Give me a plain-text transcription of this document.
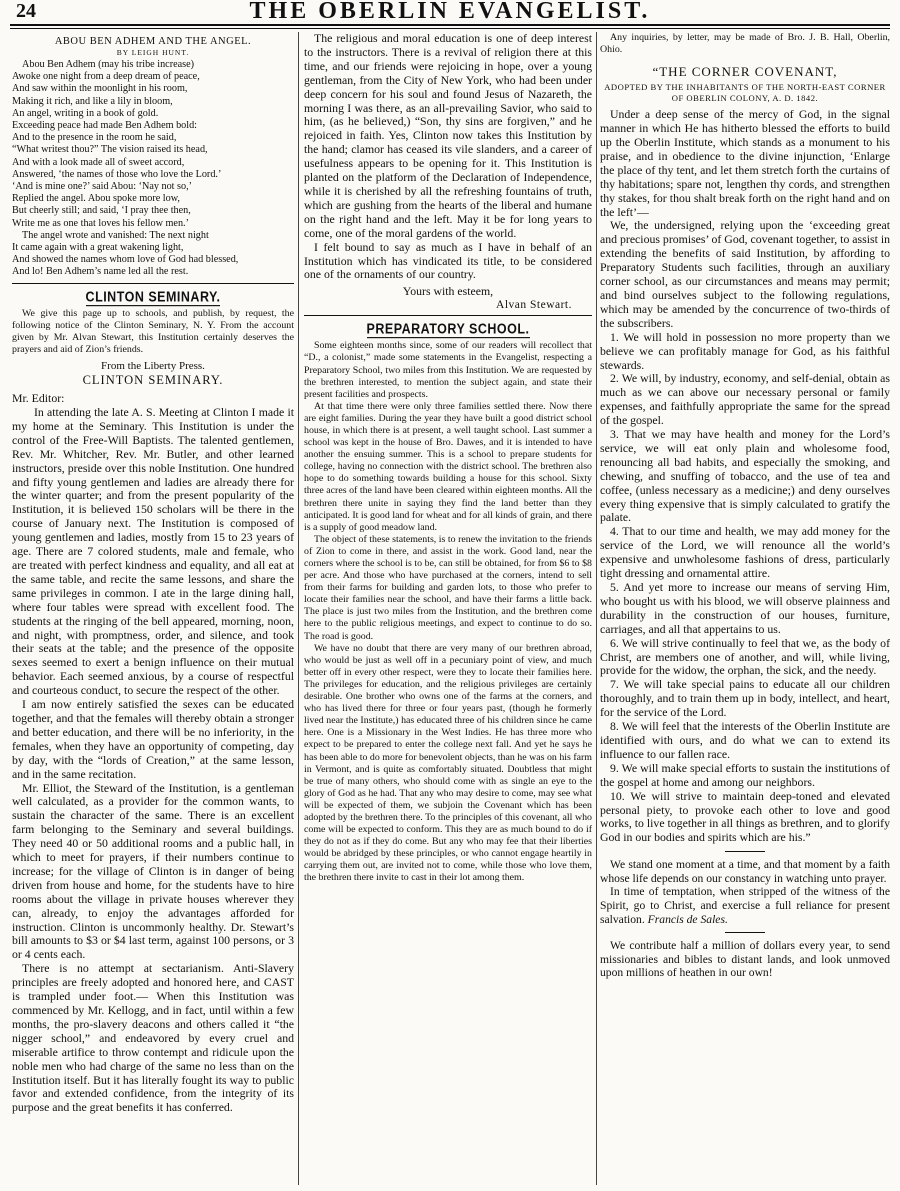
24	THE OBERLIN EVANGELIST.
ABOU BEN ADHEM AND THE ANGEL.
BY LEIGH HUNT.
Abou Ben Adhem (may his tribe increase)
Awoke one night from a deep dream of peace,
And saw within the moonlight in his room,
Making it rich, and like a lily in bloom,
An angel, writing in a book of gold.
Exceeding peace had made Ben Adhem bold:
And to the presence in the room he said,
“What writest thou?” The vision raised its head,
And with a look made all of sweet accord,
Answered, ‘the names of those who love the Lord.’
‘And is mine one?’ said Abou: ‘Nay not so,’
Replied the angel. Abou spoke more low,
But cheerly still; and said, ‘I pray thee then,
Write me as one that loves his fellow men.’
The angel wrote and vanished: The next night
It came again with a great wakening light,
And showed the names whom love of God had blessed,
And lo! Ben Adhem’s name led all the rest.
CLINTON SEMINARY.

We give this page up to schools, and publish, by request, the following notice of the Clinton Seminary, N. Y. From the account given by Mr. Alvan Stewart, this Institution certainly deserves the prayers and aid of Zion’s friends.

From the Liberty Press.
CLINTON SEMINARY.
Mr. Editor:

In attending the late A. S. Meeting at Clinton I made it my home at the Seminary. This Institution is under the control of the Free-Will Baptists. The talented gentlemen, Rev. Mr. Whitcher, Rev. Mr. Butler, and other learned instructors, preside over this noble Institution. One hundred and fifty young gentlemen and ladies are already there for the winter quarter; and from the present popularity of the Institution, it is believed 150 scholars will be there in the course of January next. The Institution is composed of young gentlemen and ladies, mostly from 15 to 23 years of age. There are 7 colored students, male and female, who are treated with perfect kindness and equality, and all eat at the same table, and recite the same lessons, and share the same privileges in common. I ate in the large dining hall, where four tables were spread with excellent food. The students at the ringing of the bell appeared, morning, noon, and night, with promptness, order, and silence, and took their seats at the table; and the presence of the opposite sexes seemed to exert a benign influence on their mutual behavior. Each seemed anxious, by a course of respectful and courteous conduct, to secure the respect of the other.

I am now entirely satisfied the sexes can be educated together, and that the females will thereby obtain a stronger and better education, and there will be no inferiority, in the females, when they have an opportunity of competing, day by day, with the “lords of Creation,” at the same lesson, and in the same recitation.

Mr. Elliot, the Steward of the Institution, is a gentleman well calculated, as a provider for the common wants, to sustain the character of the same. There is an excellent farm belonging to the Seminary and several buildings. They need 40 or 50 additional rooms and a public hall, in which to meet for prayers, if their numbers continue to increase; for the village of Clinton is in danger of being driven from house and home, for the students have to hire rooms about the village in private houses wherever they can, already, to enjoy the advantages afforded for instruction. Clinton is uncommonly healthy. Dr. Stewart’s bill amounts to $3 or $4 last term, against 100 persons, or 3 or 4 cents each.

There is no attempt at sectarianism. Anti-Slavery principles are freely adopted and honored here, and CAST is trampled under foot.— When this Institution was commenced by Mr. Kellogg, and in fact, until within a few months, the pro-slavery deacons and others called it “the nigger school,” and endeavored by every cruel and miserable artifice to throw contempt and ridicule upon the noble men who had charge of the same no less than on the Institution itself. But it has literally fought its way to public favor and extended confidence, from the integrity of its purpose and the great benefits it has conferred.

The religious and moral education is one of deep interest to the instructors. There is a revival of religion there at this time, and our friends were rejoicing in hope, over a young gentleman, from the City of New York, who had been under deep concern for his soul and found Jesus of Nazareth, the morning I was there, as an all-prevailing Savior, who said to him, (as he believed,) “Son, thy sins are forgiven,” and he rejoiced in faith. Yes, Clinton now takes this Institution by the hand; clamor has ceased its vile slanders, and a career of usefulness appears to be opening for it. This Institution is planted on the platform of the Declaration of Independence, while it is cherished by all the refreshing fountains of truth, which are gushing from the hearts of the liberal and humane on the right hand and the left. May it be for long years to come, one of the moral gardens of the world.

I felt bound to say as much as I have in behalf of an Institution which has vindicated its title, to be considered one of the ornaments of our country.

Yours with esteem,
Alvan Stewart.
PREPARATORY SCHOOL.

Some eighteen months since, some of our readers will recollect that “D., a colonist,” made some statements in the Evangelist, respecting a Preparatory School, two miles from this Institution. We are requested by the brethren interested, to mention the subject again, and state their present facilities and prospects.

At that time there were only three families settled there. Now there are eight families. During the year they have built a good district school house, in which there is at present, a well taught school. Last summer a school was kept in the house of Bro. Dawes, and it is intended to have another the ensuing summer. This is a school to prepare students for college, having no connection with the district school. The brethren also hope to do something towards building a house for this school. Sixty three acres of the land have been cleared within eighteen months. All the brethren there unite in saying they find the land better than they anticipated. It is good land for wheat and for all kinds of grain, and there is a supply of good meadow land.

The object of these statements, is to renew the invitation to the friends of Zion to come in there, and assist in the work. Good land, near the corners where the school is to be, can still be obtained, for from $6 to $8 per acre. And those who have purchased at the corners, intend to sell from their farms for building and garden lots, to those who prefer to locate their families near the school, and have their farms a little back. The place is just two miles from the Institution, and the brethren come here to the public religious meetings, and expect to continue to do so. The road is good.

We have no doubt that there are very many of our brethren abroad, who would be just as well off in a pecuniary point of view, and much better off in every other respect, were they to locate their families here. The privileges for education, and the religious privileges are certainly desirable. One brother who owns one of the farms at the corners, and who has lived there for three or four years past, (though he formerly lived near the Institute,) has educated three of his children since he came here. One is a Missionary in the West Indies. He has three more who expect to be prepared to enter the college next fall. And yet he says he has been able to do more for benevolent objects, than he was on his farm in Vermont, and is quite as comfortably situated. Doubtless that might be true of many others, who should come with as single an eye to the glory of God as he had. That any who may desire to come, may see what will be expected of them, we subjoin the Covenant which has been adopted by the brethren there. To the principles of this covenant, all who come will be expected to conform. This they are as much bound to do if they do not as if they do come. But any who may fee that their liberties would be abridged by these principles, or who cannot engage heartily in carrying them out, are invited not to come, while those who love them, the brethren there invite to cast in their lot among them.

Any inquiries, by letter, may be made of Bro. J. B. Hall, Oberlin, Ohio.

“THE CORNER COVENANT,
ADOPTED BY THE INHABITANTS OF THE NORTH-EAST CORNER OF OBERLIN COLONY, A. D. 1842.

Under a deep sense of the mercy of God, in the signal manner in which He has hitherto blessed the efforts to build up the Oberlin Institute, which stands as a monument to his praise, and in obedience to the divine injunction, ‘Enlarge the place of thy tent, and let them stretch forth the curtains of thy habitations; spare not, lengthen thy cords, and strengthen thy stakes, for thou shalt break forth on the right hand and on the left’—

We, the undersigned, relying upon the ‘exceeding great and precious promises’ of God, covenant together, to assist in extending the benefits of said Institution, by affording to Preparatory Students such facilities, through an auxiliary corner school, as our circumstances and means may permit; and bind ourselves subject to the following regulations, which may be amended by the concurrence of two-thirds of the subscribers.

1. We will hold in possession no more property than we believe we can profitably manage for God, as his faithful stewards.
2. We will, by industry, economy, and self-denial, obtain as much as we can above our necessary personal or family expenses, and faithfully appropriate the same for the spread of the gospel.
3. That we may have health and money for the Lord’s service, we will eat only plain and wholesome food, renouncing all bad habits, and especially the smoking, and chewing, and snuffing of tobacco, and the use of tea and coffee, (unless necessary as a medicine;) and deny ourselves every thing expensive that is simply calculated to gratify the palate.
4. That to our time and health, we may add money for the service of the Lord, we will renounce all the world’s expensive and unwholesome fashions of dress, particularly tight dressing and ornamental attire.
5. And yet more to increase our means of serving Him, who bought us with his blood, we will observe plainness and durability in the construction of our houses, furniture, carriages, and all that appertains to us.
6. We will strive continually to feel that we, as the body of Christ, are members one of another, and will, while living, provide for the widow, the orphan, the sick, and the needy.
7. We will take special pains to educate all our children thoroughly, and to train them up in body, intellect, and heart, for the service of the Lord.
8. We will feel that the interests of the Oberlin Institute are identified with ours, and do what we can to extend its influence to our fallen race.
9. We will make special efforts to sustain the institutions of the gospel at home and among our neighbors.
10. We will strive to maintain deep-toned and elevated personal piety, to provoke each other to love and good works, to live together in all things as brethren, and to glorify God in our bodies and spirits which are his.”

We stand one moment at a time, and that moment by a faith whose life depends on our constancy in watching unto prayer.

In time of temptation, when stripped of the witness of the Spirit, go to Christ, and exercise a full reliance for present salvation. Francis de Sales.

We contribute half a million of dollars every year, to send missionaries and bibles to distant lands, and look unmoved upon millions of heathen in our own!
